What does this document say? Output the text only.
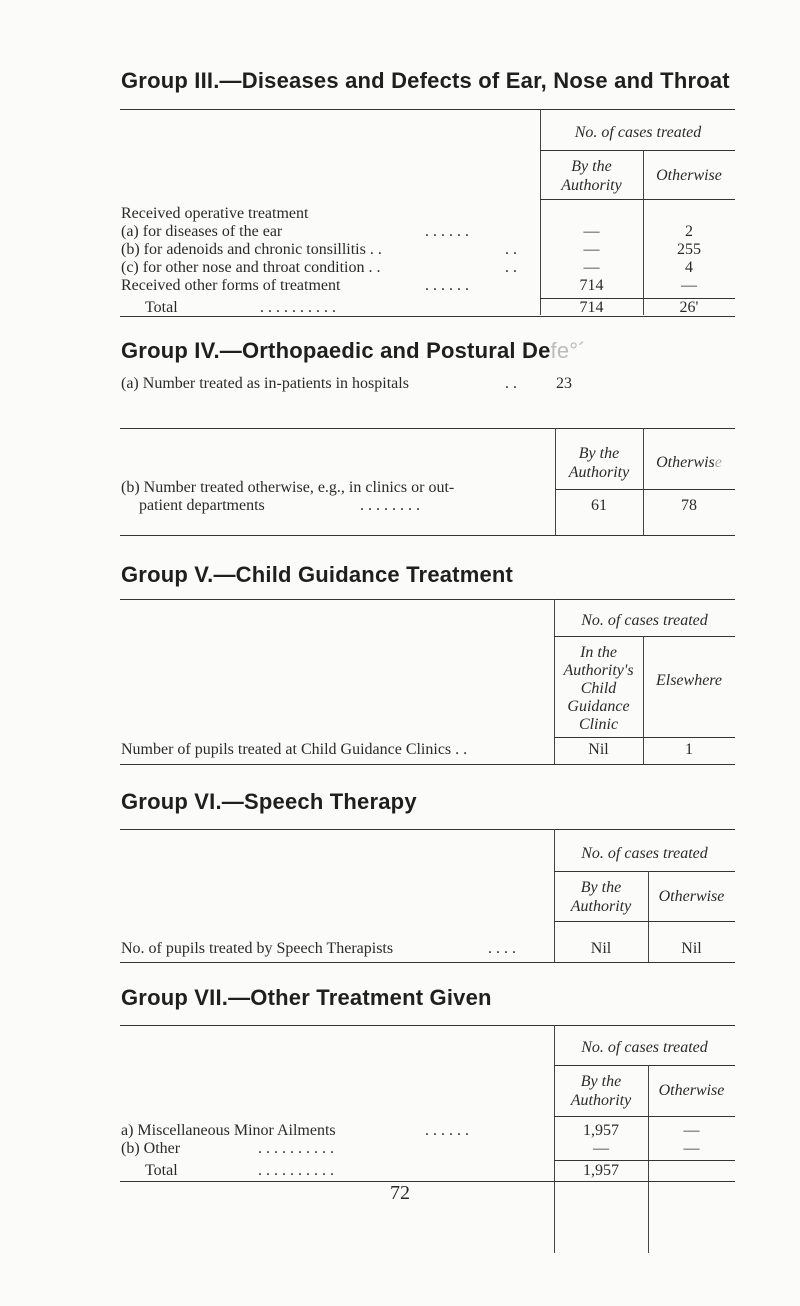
Group III.—Diseases and Defects of Ear, Nose and Throat
No. of cases treated
By the
Authority
Otherwise
Received operative treatment
(a) for diseases of the ear	. . . . . .	—	2
(b) for adenoids and chronic tonsillitis . .	. .	—	255
(c) for other nose and throat condition . .	. .	—	4
Received other forms of treatment	. . . . . .	714	—
Total	. . . . . . . . . .	714	26'
Group IV.—Orthopaedic and Postural Defe°´
(a) Number treated as in-patients in hospitals	. . 23
By the
Authority
Otherwise
(b) Number treated otherwise, e.g., in clinics or out-
patient departments	. . . . . . . .	61	78
Group V.—Child Guidance Treatment
No. of cases treated
In the
Authority's
Child
Guidance
Clinic
Elsewhere
Number of pupils treated at Child Guidance Clinics . .	Nil	1
Group VI.—Speech Therapy
No. of cases treated
By the
Authority
Otherwise
No. of pupils treated by Speech Therapists	. . . .	Nil	Nil
Group VII.—Other Treatment Given
No. of cases treated
By the
Authority
Otherwise
a) Miscellaneous Minor Ailments	. . . . . .	1,957	—
(b) Other	. . . . . . . . . .	—	—
Total	. . . . . . . . . .	1,957
72
